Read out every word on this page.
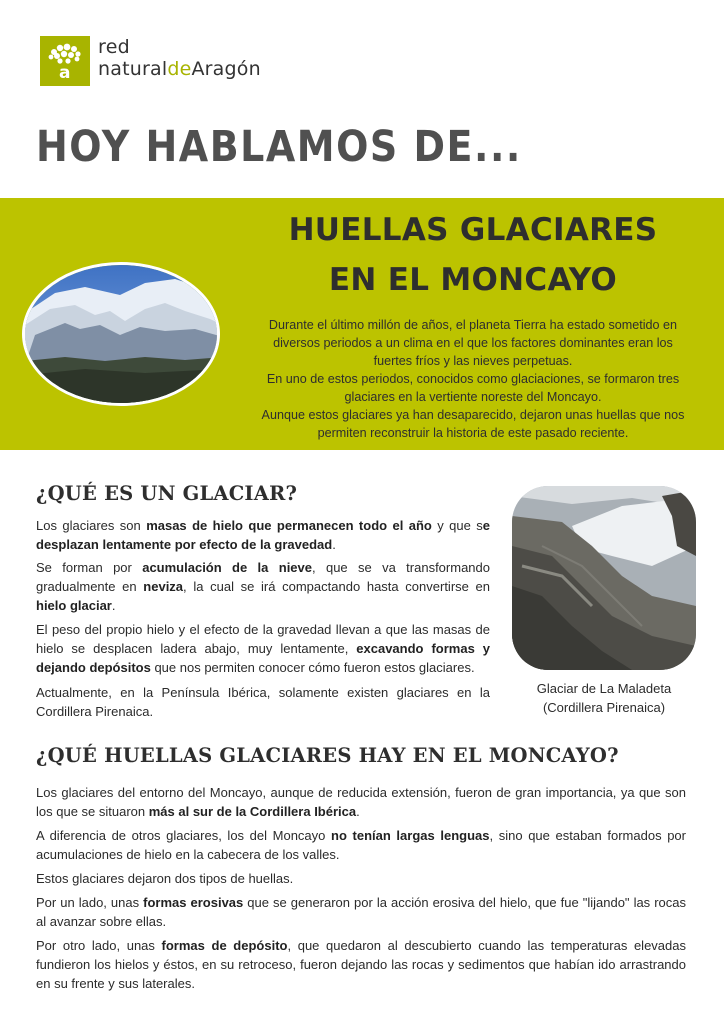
a
red
naturaldeAragón
HOY HABLAMOS DE...
HUELLAS GLACIARES
EN EL MONCAYO
Durante el último millón de años, el planeta Tierra ha estado sometido en
diversos periodos a un clima en el que los factores dominantes eran los
fuertes fríos y las nieves perpetuas.
En uno de estos periodos, conocidos como glaciaciones, se formaron tres
glaciares en la vertiente noreste del Moncayo.
Aunque estos glaciares ya han desaparecido, dejaron unas huellas que nos
permiten reconstruir la historia de este pasado reciente.
¿QUÉ ES UN GLACIAR?

Los glaciares son masas de hielo que permanecen todo el año y que se desplazan lentamente por efecto de la gravedad.

Se forman por acumulación de la nieve, que se va transformando gradualmente en neviza, la cual se irá compactando hasta convertirse en hielo glaciar.

El peso del propio hielo y el efecto de la gravedad llevan a que las masas de hielo se desplacen ladera abajo, muy lentamente, excavando formas y dejando depósitos que nos permiten conocer cómo fueron estos glaciares.

Actualmente, en la Península Ibérica, solamente existen glaciares en la Cordillera Pirenaica.

Glaciar de La Maladeta
(Cordillera Pirenaica)
¿QUÉ HUELLAS GLACIARES HAY EN EL MONCAYO?

Los glaciares del entorno del Moncayo, aunque de reducida extensión, fueron de gran importancia, ya que son los que se situaron más al sur de la Cordillera Ibérica.

A diferencia de otros glaciares, los del Moncayo no tenían largas lenguas, sino que estaban formados por acumulaciones de hielo en la cabecera de los valles.

Estos glaciares dejaron dos tipos de huellas.

Por un lado, unas formas erosivas que se generaron por la acción erosiva del hielo, que fue "lijando" las rocas al avanzar sobre ellas.

Por otro lado, unas formas de depósito, que quedaron al descubierto cuando las temperaturas elevadas fundieron los hielos y éstos, en su retroceso, fueron dejando las rocas y sedimentos que habían ido arrastrando en su frente y sus laterales.
